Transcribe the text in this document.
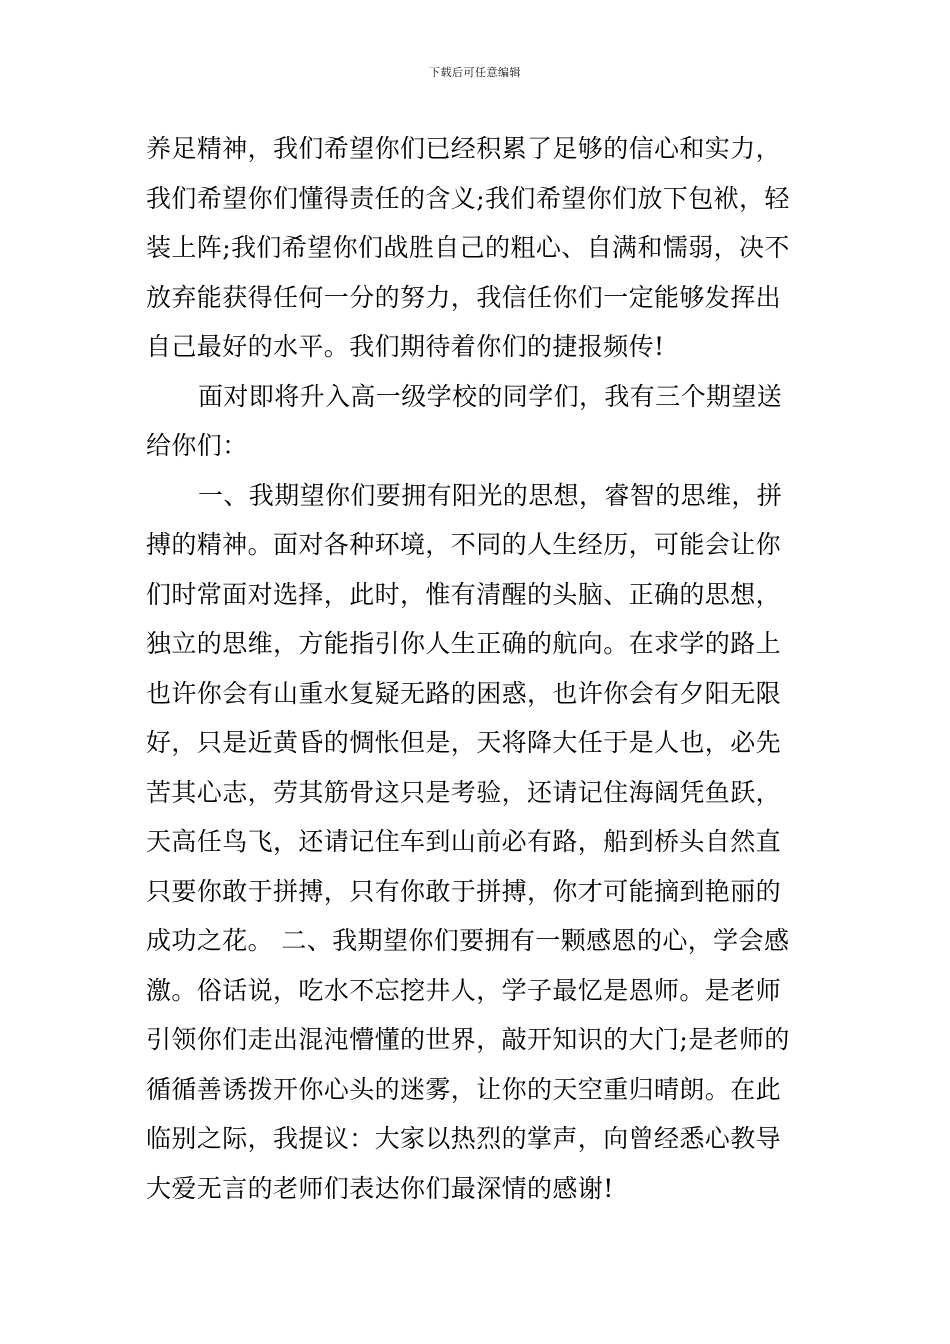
下载后可任意编辑
养足精神，我们希望你们已经积累了足够的信心和实力，
我们希望你们懂得责任的含义;我们希望你们放下包袱，轻
装上阵;我们希望你们战胜自己的粗心、自满和懦弱，决不
放弃能获得任何一分的努力，我信任你们一定能够发挥出
自己最好的水平。我们期待着你们的捷报频传!
面对即将升入高一级学校的同学们，我有三个期望送
给你们：
一、我期望你们要拥有阳光的思想，睿智的思维，拼
搏的精神。面对各种环境，不同的人生经历，可能会让你
们时常面对选择，此时，惟有清醒的头脑、正确的思想，
独立的思维，方能指引你人生正确的航向。在求学的路上
也许你会有山重水复疑无路的困惑，也许你会有夕阳无限
好，只是近黄昏的惆怅但是，天将降大任于是人也，必先
苦其心志，劳其筋骨这只是考验，还请记住海阔凭鱼跃，
天高任鸟飞，还请记住车到山前必有路，船到桥头自然直
只要你敢于拼搏，只有你敢于拼搏，你才可能摘到艳丽的
成功之花。 二、我期望你们要拥有一颗感恩的心，学会感
激。俗话说，吃水不忘挖井人，学子最忆是恩师。是老师
引领你们走出混沌懵懂的世界，敲开知识的大门;是老师的
循循善诱拨开你心头的迷雾，让你的天空重归晴朗。在此
临别之际，我提议：大家以热烈的掌声，向曾经悉心教导
大爱无言的老师们表达你们最深情的感谢!
